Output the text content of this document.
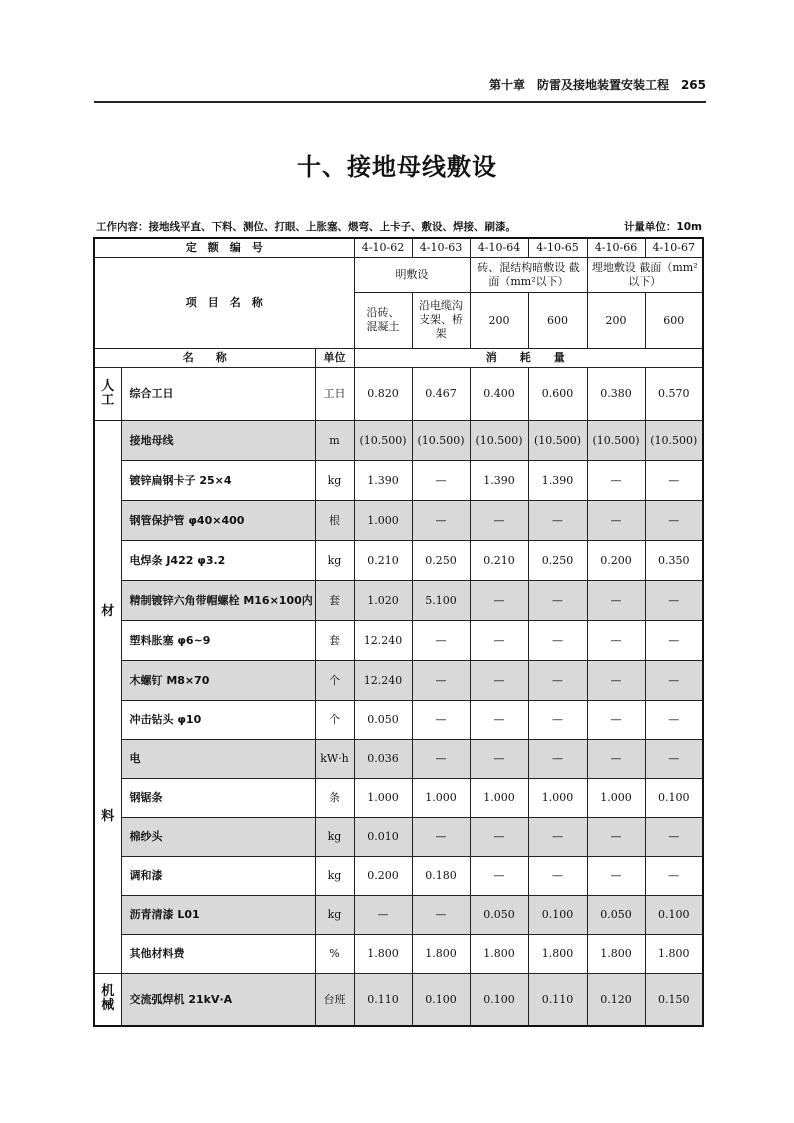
第十章　防雷及接地装置安装工程　265
十、接地母线敷设
工作内容：接地线平直、下料、测位、打眼、上胀塞、煨弯、上卡子、敷设、焊接、刷漆。	计量单位：10m
定　额　编　号			4-10-62	4-10-63	4-10-64	4-10-65	4-10-66	4-10-67
项　目　名　称			明敷设		砖、混结构暗敷设 截面（mm²以下）		埋地敷设 截面（mm²以下）	
			沿砖、混凝土	沿电缆沟支架、桥架	200	600	200	600
名　　称		单位	消　耗　量					
人工	综合工日	工日	0.820	0.467	0.400	0.600	0.380	0.570

材
料	接地母线	m	(10.500)	(10.500)	(10.500)	(10.500)	(10.500)	(10.500)
	镀锌扁钢卡子 25×4	kg	1.390	—	1.390	1.390	—	—
	钢管保护管 φ40×400	根	1.000	—	—	—	—	—
	电焊条 J422 φ3.2	kg	0.210	0.250	0.210	0.250	0.200	0.350
	精制镀锌六角带帽螺栓 M16×100内	套	1.020	5.100	—	—	—	—
	塑料胀塞 φ6~9	套	12.240	—	—	—	—	—
	木螺钉 M8×70	个	12.240	—	—	—	—	—
	冲击钻头 φ10	个	0.050	—	—	—	—	—
	电	kW·h	0.036	—	—	—	—	—
	钢锯条	条	1.000	1.000	1.000	1.000	1.000	0.100
	棉纱头	kg	0.010	—	—	—	—	—
	调和漆	kg	0.200	0.180	—	—	—	—
	沥青清漆 L01	kg	—	—	0.050	0.100	0.050	0.100
	其他材料费	%	1.800	1.800	1.800	1.800	1.800	1.800
机械	交流弧焊机 21kV·A	台班	0.110	0.100	0.100	0.110	0.120	0.150
